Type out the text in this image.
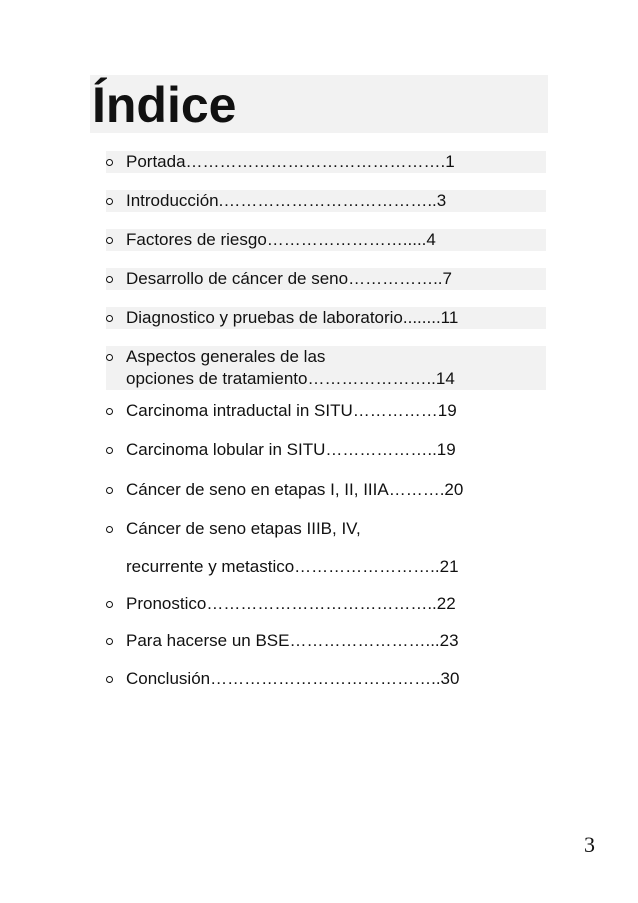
Índice
Portada……………………………………….1
Introducción.………………………………..3
Factores de riesgo…………………….....4
Desarrollo de cáncer de seno……………..7
Diagnostico y pruebas de laboratorio........11
Aspectos generales de las
opciones de tratamiento…………………..14
Carcinoma intraductal in SITU……………19
Carcinoma lobular in SITU………………..19
Cáncer de seno en etapas I, II, IIIA……….20
Cáncer de seno etapas IIIB, IV,
recurrente y metastico……………………..21
Pronostico…………………………………..22
Para hacerse un BSE……………………...23
Conclusión…………………………………..30
3
